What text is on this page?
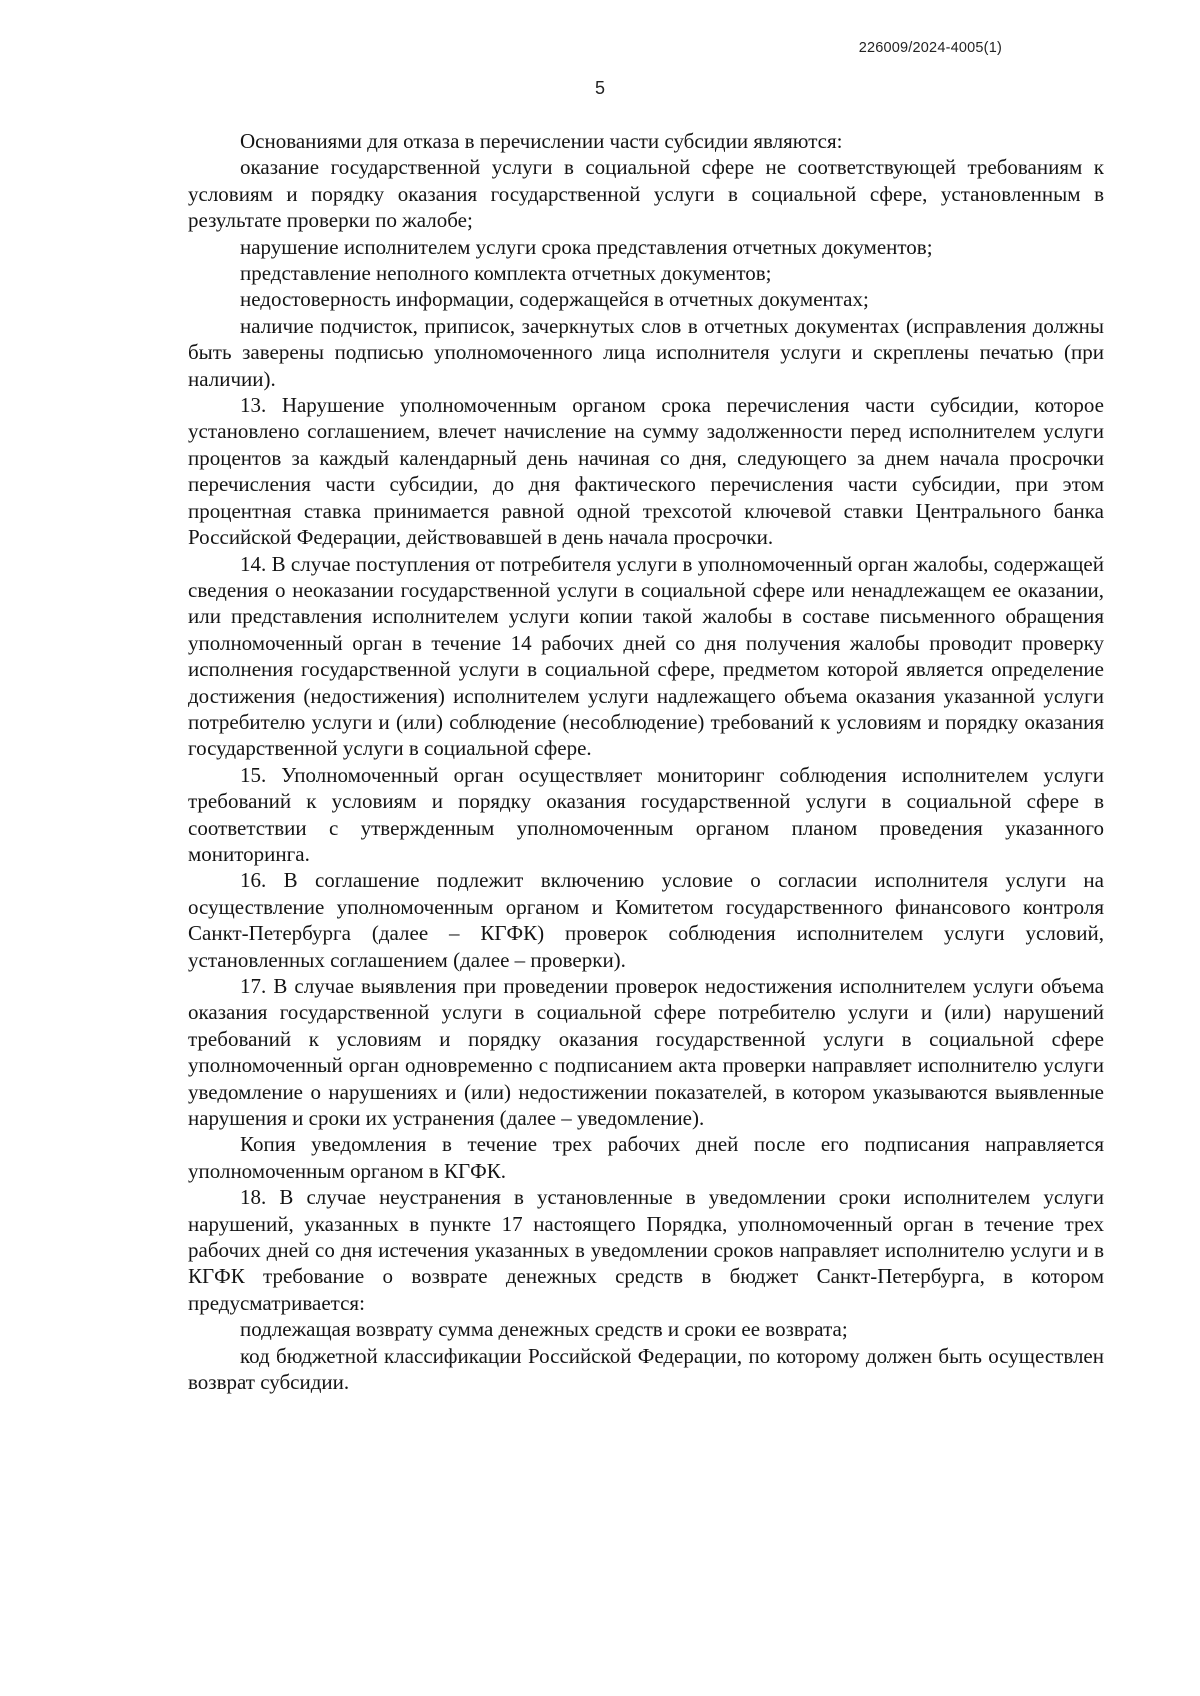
226009/2024-4005(1)
5

Основаниями для отказа в перечислении части субсидии являются:

оказание государственной услуги в социальной сфере не соответствующей требованиям к условиям и порядку оказания государственной услуги в социальной сфере, установленным в результате проверки по жалобе;

нарушение исполнителем услуги срока представления отчетных документов;

представление неполного комплекта отчетных документов;

недостоверность информации, содержащейся в отчетных документах;

наличие подчисток, приписок, зачеркнутых слов в отчетных документах (исправления должны быть заверены подписью уполномоченного лица исполнителя услуги и скреплены печатью (при наличии).

13. Нарушение уполномоченным органом срока перечисления части субсидии, которое установлено соглашением, влечет начисление на сумму задолженности перед исполнителем услуги процентов за каждый календарный день начиная со дня, следующего за днем начала просрочки перечисления части субсидии, до дня фактического перечисления части субсидии, при этом процентная ставка принимается равной одной трехсотой ключевой ставки Центрального банка Российской Федерации, действовавшей в день начала просрочки.

14. В случае поступления от потребителя услуги в уполномоченный орган жалобы, содержащей сведения о неоказании государственной услуги в социальной сфере или ненадлежащем ее оказании, или представления исполнителем услуги копии такой жалобы в составе письменного обращения уполномоченный орган в течение 14 рабочих дней со дня получения жалобы проводит проверку исполнения государственной услуги в социальной сфере, предметом которой является определение достижения (недостижения) исполнителем услуги надлежащего объема оказания указанной услуги потребителю услуги и (или) соблюдение (несоблюдение) требований к условиям и порядку оказания государственной услуги в социальной сфере.

15. Уполномоченный орган осуществляет мониторинг соблюдения исполнителем услуги требований к условиям и порядку оказания государственной услуги в социальной сфере в соответствии с утвержденным уполномоченным органом планом проведения указанного мониторинга.

16. В соглашение подлежит включению условие о согласии исполнителя услуги на осуществление уполномоченным органом и Комитетом государственного финансового контроля Санкт-Петербурга (далее – КГФК) проверок соблюдения исполнителем услуги условий, установленных соглашением (далее – проверки).

17. В случае выявления при проведении проверок недостижения исполнителем услуги объема оказания государственной услуги в социальной сфере потребителю услуги и (или) нарушений требований к условиям и порядку оказания государственной услуги в социальной сфере уполномоченный орган одновременно с подписанием акта проверки направляет исполнителю услуги уведомление о нарушениях и (или) недостижении показателей, в котором указываются выявленные нарушения и сроки их устранения (далее – уведомление).

Копия уведомления в течение трех рабочих дней после его подписания направляется уполномоченным органом в КГФК.

18. В случае неустранения в установленные в уведомлении сроки исполнителем услуги нарушений, указанных в пункте 17 настоящего Порядка, уполномоченный орган в течение трех рабочих дней со дня истечения указанных в уведомлении сроков направляет исполнителю услуги и в КГФК требование о возврате денежных средств в бюджет Санкт-Петербурга, в котором предусматривается:

подлежащая возврату сумма денежных средств и сроки ее возврата;

код бюджетной классификации Российской Федерации, по которому должен быть осуществлен возврат субсидии.
